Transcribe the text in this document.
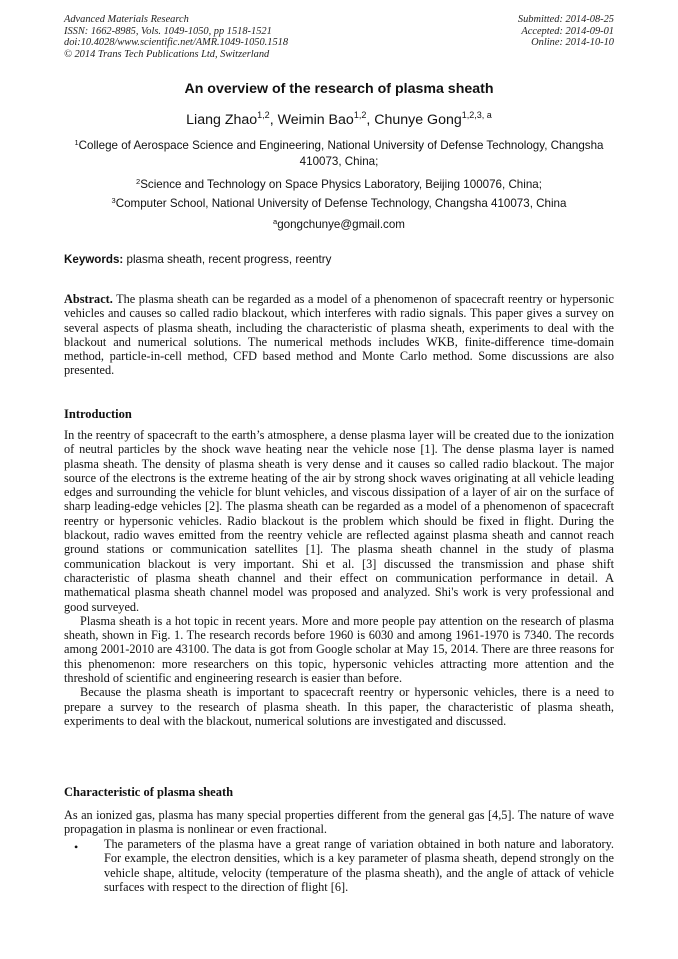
Advanced Materials Research
ISSN: 1662-8985, Vols. 1049-1050, pp 1518-1521
doi:10.4028/www.scientific.net/AMR.1049-1050.1518
© 2014 Trans Tech Publications Ltd, Switzerland
Submitted: 2014-08-25
Accepted: 2014-09-01
Online: 2014-10-10
An overview of the research of plasma sheath
Liang Zhao$^{1,2}$, Weimin Bao$^{1,2}$, Chunye Gong$^{1,2,3, a}$
$^1$College of Aerospace Science and Engineering, National University of Defense Technology, Changsha 410073, China;
$^2$Science and Technology on Space Physics Laboratory, Beijing 100076, China;
$^3$Computer School, National University of Defense Technology, Changsha 410073, China
$^a$gongchunye@gmail.com
Keywords: plasma sheath, recent progress, reentry
Abstract. The plasma sheath can be regarded as a model of a phenomenon of spacecraft reentry or hypersonic vehicles and causes so called radio blackout, which interferes with radio signals. This paper gives a survey on several aspects of plasma sheath, including the characteristic of plasma sheath, experiments to deal with the blackout and numerical solutions. The numerical methods includes WKB, finite-difference time-domain method, particle-in-cell method, CFD based method and Monte Carlo method. Some discussions are also presented.
Introduction

In the reentry of spacecraft to the earth’s atmosphere, a dense plasma layer will be created due to the ionization of neutral particles by the shock wave heating near the vehicle nose [1]. The dense plasma layer is named plasma sheath. The density of plasma sheath is very dense and it causes so called radio blackout. The major source of the electrons is the extreme heating of the air by strong shock waves originating at all vehicle leading edges and surrounding the vehicle for blunt vehicles, and viscous dissipation of a layer of air on the surface of sharp leading-edge vehicles [2]. The plasma sheath can be regarded as a model of a phenomenon of spacecraft reentry or hypersonic vehicles. Radio blackout is the problem which should be fixed in flight. During the blackout, radio waves emitted from the reentry vehicle are reflected against plasma sheath and cannot reach ground stations or communication satellites [1]. The plasma sheath channel in the study of plasma communication blackout is very important. Shi et al. [3] discussed the transmission and phase shift characteristic of plasma sheath channel and their effect on communication performance in detail. A mathematical plasma sheath channel model was proposed and analyzed. Shi's work is very professional and good surveyed.

Plasma sheath is a hot topic in recent years. More and more people pay attention on the research of plasma sheath, shown in Fig. 1. The research records before 1960 is 6030 and among 1961-1970 is 7340. The records among 2001-2010 are 43100. The data is got from Google scholar at May 15, 2014. There are three reasons for this phenomenon: more researchers on this topic, hypersonic vehicles attracting more attention and the threshold of scientific and engineering research is easier than before.

Because the plasma sheath is important to spacecraft reentry or hypersonic vehicles, there is a need to prepare a survey to the research of plasma sheath. In this paper, the characteristic of plasma sheath, experiments to deal with the blackout, numerical solutions are investigated and discussed.

Characteristic of plasma sheath

As an ionized gas, plasma has many special properties different from the general gas [4,5]. The nature of wave propagation in plasma is nonlinear or even fractional.

• The parameters of the plasma have a great range of variation obtained in both nature and laboratory. For example, the electron densities, which is a key parameter of plasma sheath, depend strongly on the vehicle shape, altitude, velocity (temperature of the plasma sheath), and the angle of attack of vehicle surfaces with respect to the direction of flight [6].
